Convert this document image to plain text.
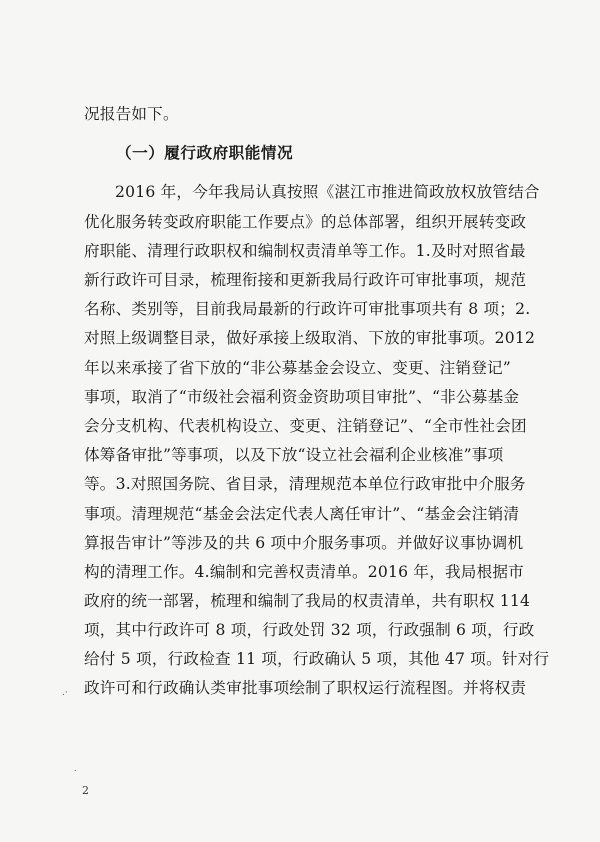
况报告如下。
（一）履行政府职能情况
2016 年，今年我局认真按照《湛江市推进简政放权放管结合
优化服务转变政府职能工作要点》的总体部署，组织开展转变政
府职能、清理行政职权和编制权责清单等工作。1.及时对照省最
新行政许可目录，梳理衔接和更新我局行政许可审批事项，规范
名称、类别等，目前我局最新的行政许可审批事项共有 8 项；2.
对照上级调整目录，做好承接上级取消、下放的审批事项。2012
年以来承接了省下放的“非公募基金会设立、变更、注销登记”
事项，取消了“市级社会福利资金资助项目审批”、“非公募基金
会分支机构、代表机构设立、变更、注销登记”、“全市性社会团
体筹备审批”等事项，以及下放“设立社会福利企业核准”事项
等。3.对照国务院、省目录，清理规范本单位行政审批中介服务
事项。清理规范“基金会法定代表人离任审计”、“基金会注销清
算报告审计”等涉及的共 6 项中介服务事项。并做好议事协调机
构的清理工作。4.编制和完善权责清单。2016 年，我局根据市
政府的统一部署，梳理和编制了我局的权责清单，共有职权 114
项，其中行政许可 8 项，行政处罚 32 项，行政强制 6 项，行政
给付 5 项，行政检查 11 项，行政确认 5 项，其他 47 项。针对行
政许可和行政确认类审批事项绘制了职权运行流程图。并将权责
.·
˙
2
